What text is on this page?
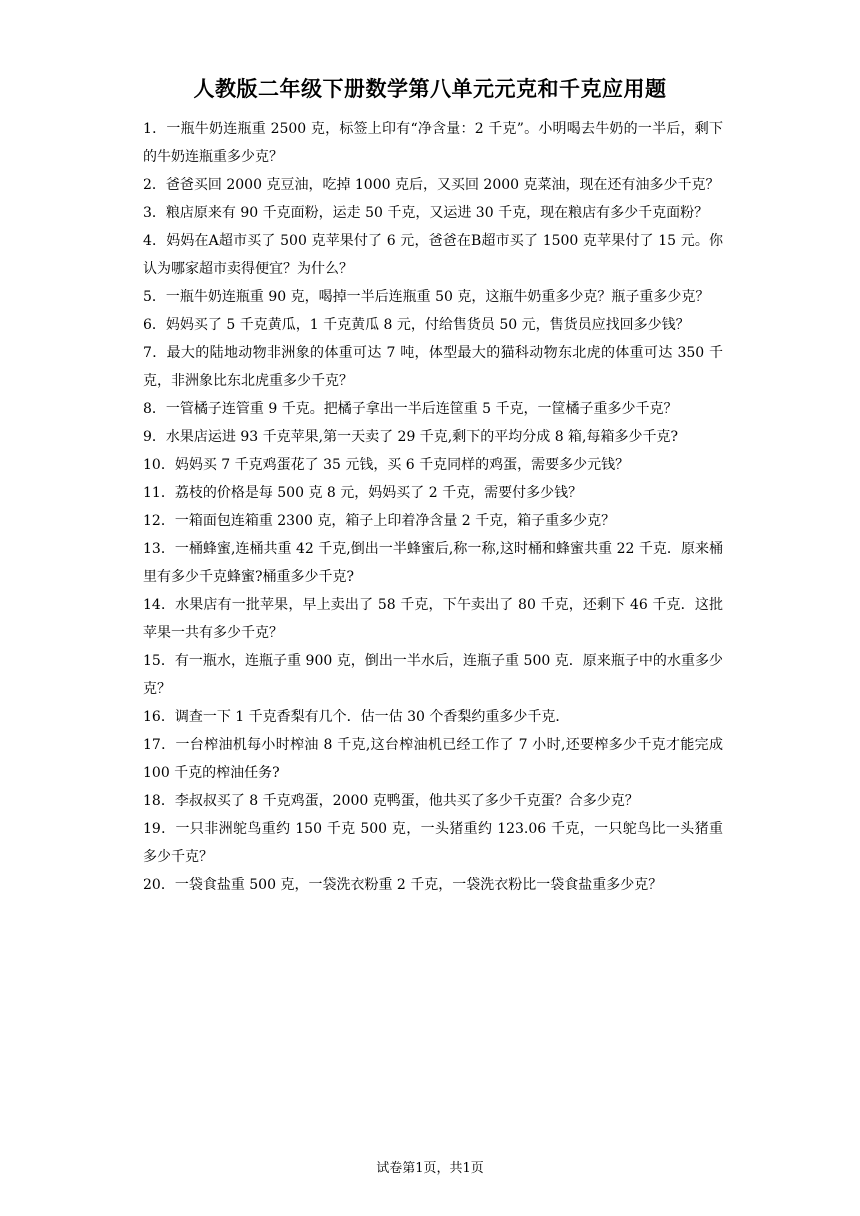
人教版二年级下册数学第八单元元克和千克应用题

1．一瓶牛奶连瓶重 2500 克，标签上印有“净含量：2 千克”。小明喝去牛奶的一半后，剩下的牛奶连瓶重多少克？

2．爸爸买回 2000 克豆油，吃掉 1000 克后，又买回 2000 克菜油，现在还有油多少千克？

3．粮店原来有 90 千克面粉，运走 50 千克，又运进 30 千克，现在粮店有多少千克面粉？

4．妈妈在A超市买了 500 克苹果付了 6 元，爸爸在B超市买了 1500 克苹果付了 15 元。你认为哪家超市卖得便宜？为什么？

5．一瓶牛奶连瓶重 90 克，喝掉一半后连瓶重 50 克，这瓶牛奶重多少克？瓶子重多少克？

6．妈妈买了 5 千克黄瓜，1 千克黄瓜 8 元，付给售货员 50 元，售货员应找回多少钱？

7．最大的陆地动物非洲象的体重可达 7 吨，体型最大的猫科动物东北虎的体重可达 350 千克，非洲象比东北虎重多少千克？

8．一管橘子连管重 9 千克。把橘子拿出一半后连筐重 5 千克，一筐橘子重多少千克？

9．水果店运进 93 千克苹果,第一天卖了 29 千克,剩下的平均分成 8 箱,每箱多少千克?

10．妈妈买 7 千克鸡蛋花了 35 元钱，买 6 千克同样的鸡蛋，需要多少元钱？

11．荔枝的价格是每 500 克 8 元，妈妈买了 2 千克，需要付多少钱？

12．一箱面包连箱重 2300 克，箱子上印着净含量 2 千克，箱子重多少克？

13．一桶蜂蜜,连桶共重 42 千克,倒出一半蜂蜜后,称一称,这时桶和蜂蜜共重 22 千克．原来桶里有多少千克蜂蜜?桶重多少千克?

14．水果店有一批苹果，早上卖出了 58 千克，下午卖出了 80 千克，还剩下 46 千克．这批苹果一共有多少千克？

15．有一瓶水，连瓶子重 900 克，倒出一半水后，连瓶子重 500 克．原来瓶子中的水重多少克？

16．调查一下 1 千克香梨有几个．估一估 30 个香梨约重多少千克．

17．一台榨油机每小时榨油 8 千克,这台榨油机已经工作了 7 小时,还要榨多少千克才能完成 100 千克的榨油任务?

18．李叔叔买了 8 千克鸡蛋，2000 克鸭蛋，他共买了多少千克蛋？合多少克？

19．一只非洲鸵鸟重约 150 千克 500 克，一头猪重约 123.06 千克，一只鸵鸟比一头猪重多少千克？

20．一袋食盐重 500 克，一袋洗衣粉重 2 千克，一袋洗衣粉比一袋食盐重多少克？

试卷第1页，共1页
